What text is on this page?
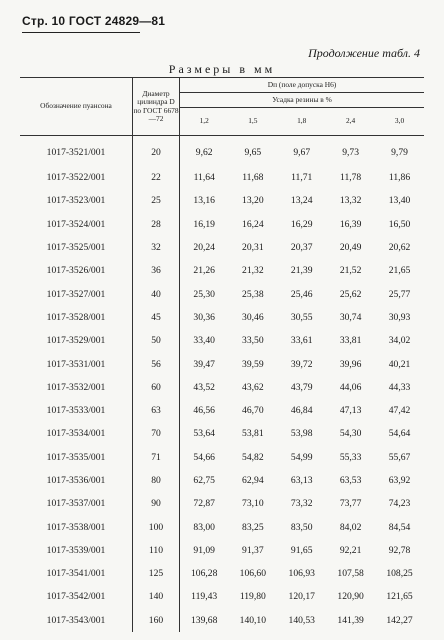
Стр. 10 ГОСТ 24829—81
Продолжение табл. 4
Размеры в мм
Обозначение пуансона	Диаметр цилиндра D по ГОСТ 6678—72	Dп (поле допуска H6)				
		Усадка резины в %				
		1,2	1,5	1,8	2,4	3,0
1017-3521/001	20	9,62	9,65	9,67	9,73	9,79
1017-3522/001	22	11,64	11,68	11,71	11,78	11,86
1017-3523/001	25	13,16	13,20	13,24	13,32	13,40
1017-3524/001	28	16,19	16,24	16,29	16,39	16,50
1017-3525/001	32	20,24	20,31	20,37	20,49	20,62
1017-3526/001	36	21,26	21,32	21,39	21,52	21,65
1017-3527/001	40	25,30	25,38	25,46	25,62	25,77
1017-3528/001	45	30,36	30,46	30,55	30,74	30,93
1017-3529/001	50	33,40	33,50	33,61	33,81	34,02
1017-3531/001	56	39,47	39,59	39,72	39,96	40,21
1017-3532/001	60	43,52	43,62	43,79	44,06	44,33
1017-3533/001	63	46,56	46,70	46,84	47,13	47,42
1017-3534/001	70	53,64	53,81	53,98	54,30	54,64
1017-3535/001	71	54,66	54,82	54,99	55,33	55,67
1017-3536/001	80	62,75	62,94	63,13	63,53	63,92
1017-3537/001	90	72,87	73,10	73,32	73,77	74,23
1017-3538/001	100	83,00	83,25	83,50	84,02	84,54
1017-3539/001	110	91,09	91,37	91,65	92,21	92,78
1017-3541/001	125	106,28	106,60	106,93	107,58	108,25
1017-3542/001	140	119,43	119,80	120,17	120,90	121,65
1017-3543/001	160	139,68	140,10	140,53	141,39	142,27
